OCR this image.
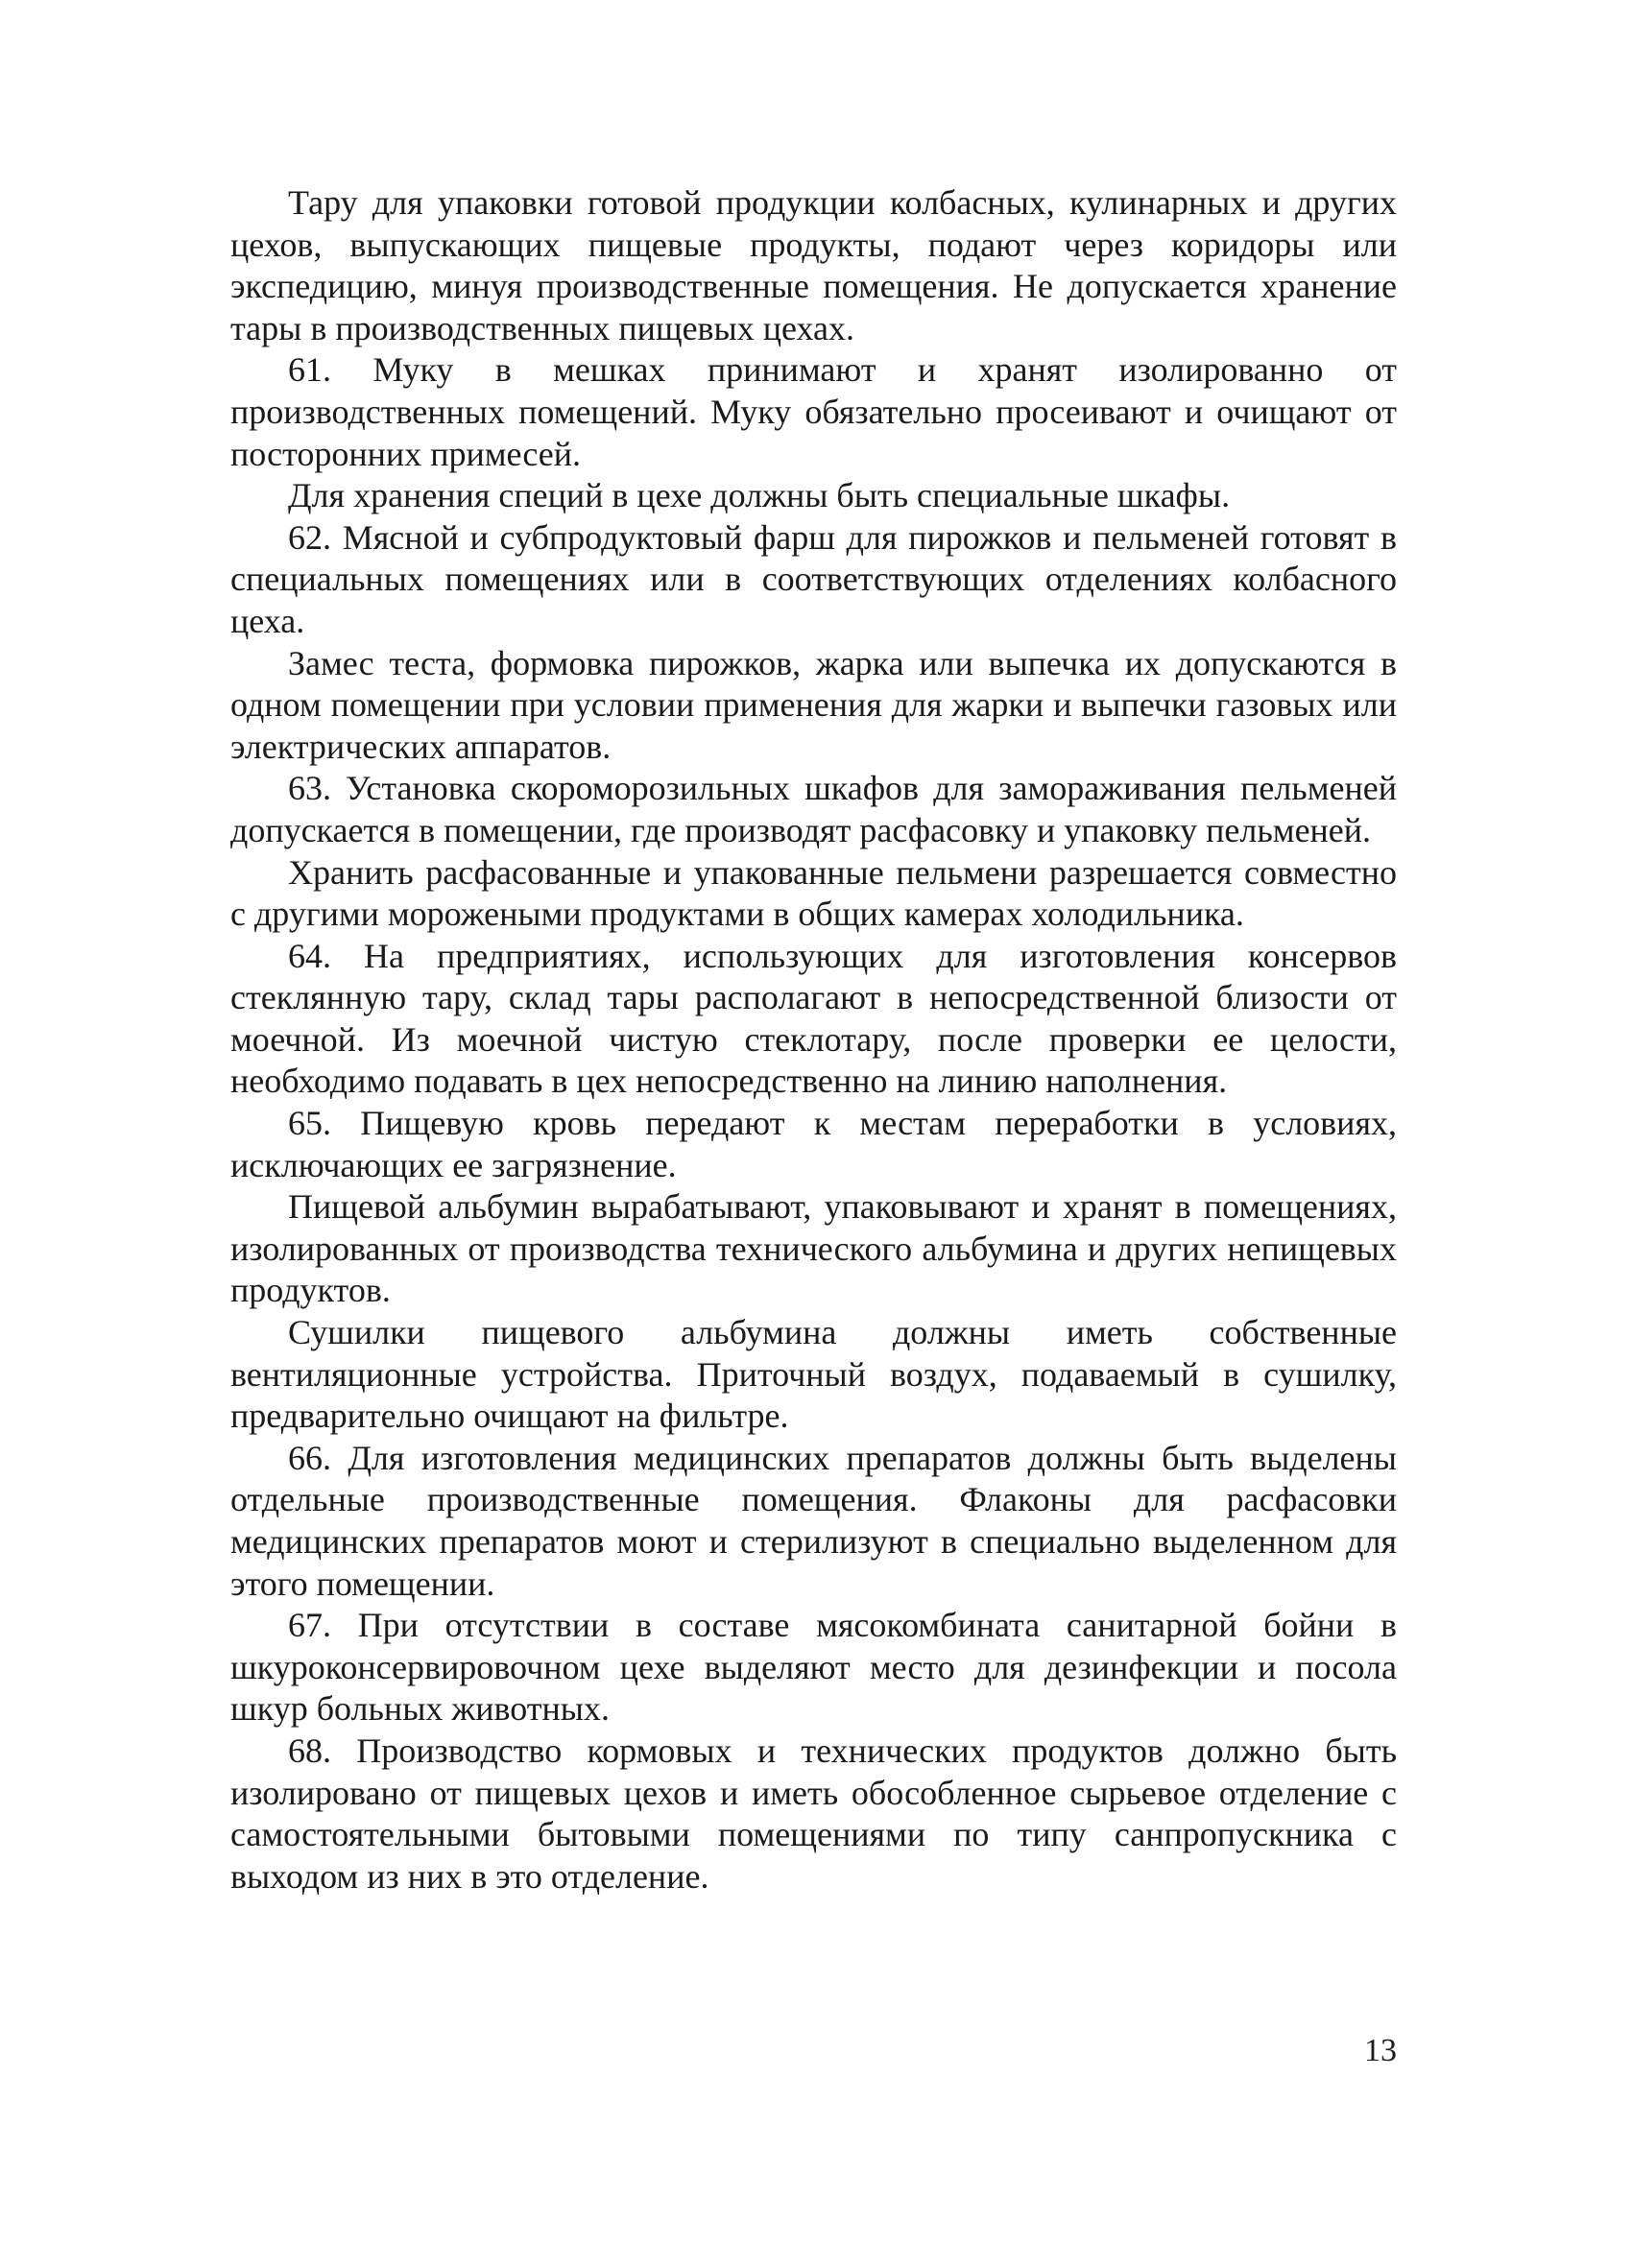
Тару для упаковки готовой продукции колбасных, кулинарных и других цехов, выпускающих пищевые продукты, подают через коридоры или экспедицию, минуя производственные помещения. Не допускается хранение тары в производственных пищевых цехах.

61. Муку в мешках принимают и хранят изолированно от производственных помещений. Муку обязательно просеивают и очищают от посторонних примесей.

Для хранения специй в цехе должны быть специальные шкафы.

62. Мясной и субпродуктовый фарш для пирожков и пельменей готовят в специальных помещениях или в соответствующих отделениях колбасного цеха.

Замес теста, формовка пирожков, жарка или выпечка их допускаются в одном помещении при условии применения для жарки и выпечки газовых или электрических аппаратов.

63. Установка скороморозильных шкафов для замораживания пельменей допускается в помещении, где производят расфасовку и упаковку пельменей.

Хранить расфасованные и упакованные пельмени разрешается совместно с другими морожеными продуктами в общих камерах холодильника.

64. На предприятиях, использующих для изготовления консервов стеклянную тару, склад тары располагают в непосредственной близости от моечной. Из моечной чистую стеклотару, после проверки ее целости, необходимо подавать в цех непосредственно на линию наполнения.

65. Пищевую кровь передают к местам переработки в условиях, исключающих ее загрязнение.

Пищевой альбумин вырабатывают, упаковывают и хранят в помещениях, изолированных от производства технического альбумина и других непищевых продуктов.

Сушилки пищевого альбумина должны иметь собственные вентиляционные устройства. Приточный воздух, подаваемый в сушилку, предварительно очищают на фильтре.

66. Для изготовления медицинских препаратов должны быть выделены отдельные производственные помещения. Флаконы для расфасовки медицинских препаратов моют и стерилизуют в специально выделенном для этого помещении.

67. При отсутствии в составе мясокомбината санитарной бойни в шкуроконсервировочном цехе выделяют место для дезинфекции и посола шкур больных животных.

68. Производство кормовых и технических продуктов должно быть изолировано от пищевых цехов и иметь обособленное сырьевое отделение с самостоятельными бытовыми помещениями по типу санпропускника с выходом из них в это отделение.

13
